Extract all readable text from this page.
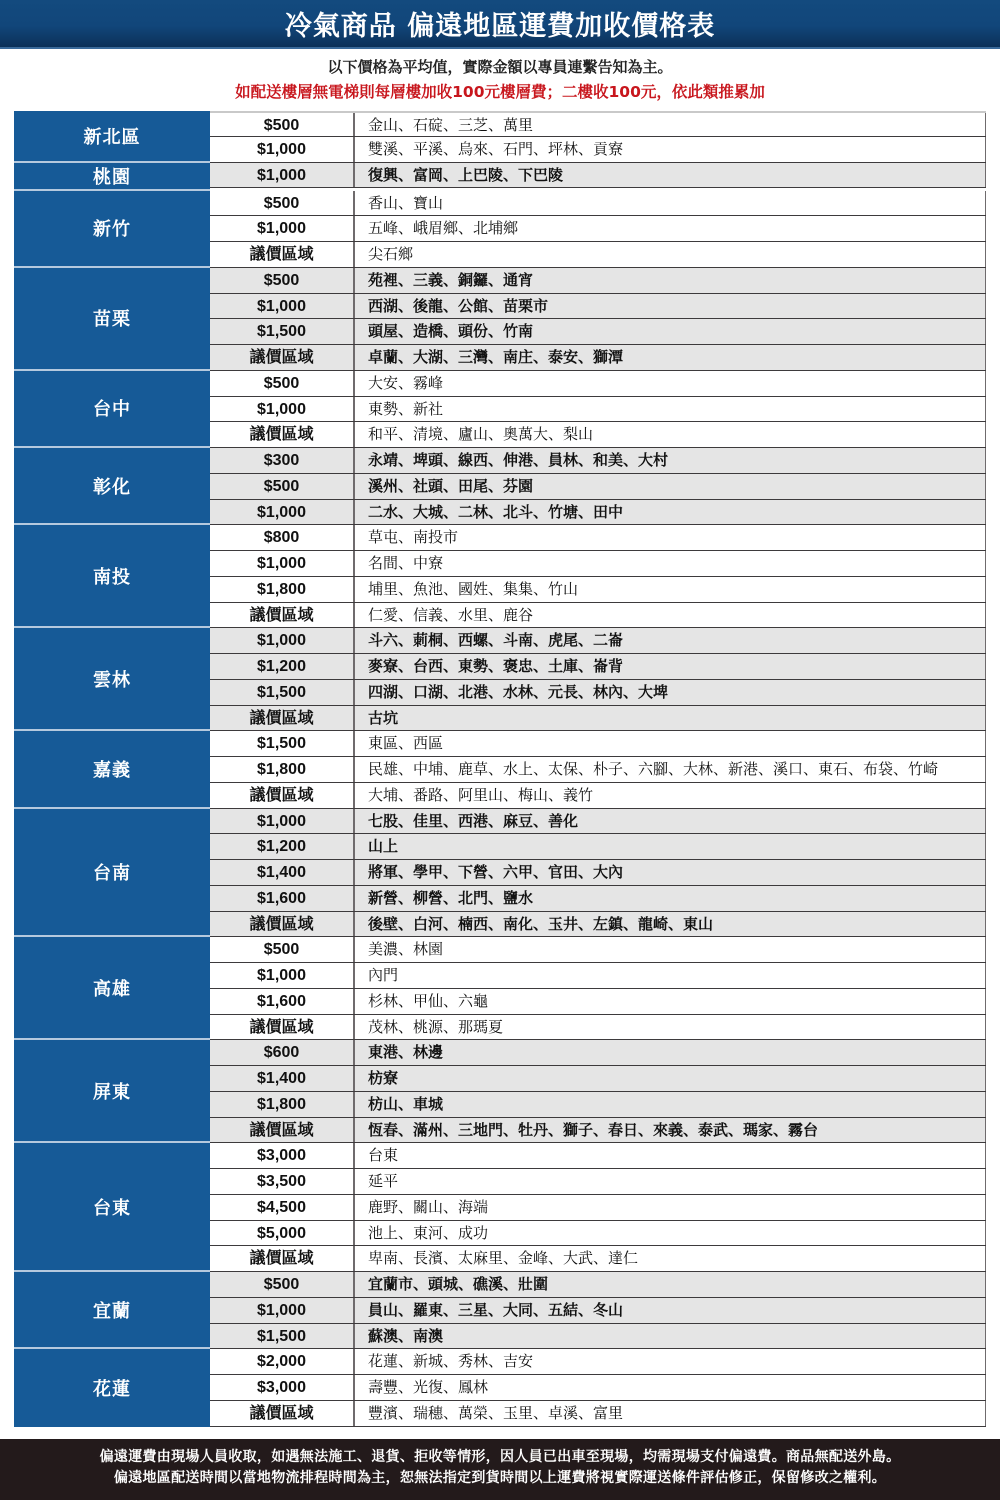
冷氣商品 偏遠地區運費加收價格表
以下價格為平均值，實際金額以專員連繫告知為主。
如配送樓層無電梯則每層樓加收100元樓層費；二樓收100元，依此類推累加
新北區
$500	金山、石碇、三芝、萬里
$1,000	雙溪、平溪、烏來、石門、坪林、貢寮
桃園	$1,000	復興、富岡、上巴陵、下巴陵
新竹
$500	香山、寶山
$1,000	五峰、峨眉鄉、北埔鄉
議價區域	尖石鄉
苗栗
$500	苑裡、三義、銅鑼、通宵
$1,000	西湖、後龍、公館、苗栗市
$1,500	頭屋、造橋、頭份、竹南
議價區域	卓蘭、大湖、三灣、南庄、泰安、獅潭
台中
$500	大安、霧峰
$1,000	東勢、新社
議價區域	和平、清境、廬山、奧萬大、梨山
彰化
$300	永靖、埤頭、線西、伸港、員林、和美、大村
$500	溪州、社頭、田尾、芬園
$1,000	二水、大城、二林、北斗、竹塘、田中
南投
$800	草屯、南投市
$1,000	名間、中寮
$1,800	埔里、魚池、國姓、集集、竹山
議價區域	仁愛、信義、水里、鹿谷
雲林
$1,000	斗六、莿桐、西螺、斗南、虎尾、二崙
$1,200	麥寮、台西、東勢、褒忠、土庫、崙背
$1,500	四湖、口湖、北港、水林、元長、林內、大埤
議價區域	古坑
嘉義
$1,500	東區、西區
$1,800	民雄、中埔、鹿草、水上、太保、朴子、六腳、大林、新港、溪口、東石、布袋、竹崎
議價區域	大埔、番路、阿里山、梅山、義竹
台南
$1,000	七股、佳里、西港、麻豆、善化
$1,200	山上
$1,400	將軍、學甲、下營、六甲、官田、大內
$1,600	新營、柳營、北門、鹽水
議價區域	後壁、白河、楠西、南化、玉井、左鎮、龍崎、東山
高雄
$500	美濃、林園
$1,000	內門
$1,600	杉林、甲仙、六龜
議價區域	茂林、桃源、那瑪夏
屏東
$600	東港、林邊
$1,400	枋寮
$1,800	枋山、車城
議價區域	恆春、滿州、三地門、牡丹、獅子、春日、來義、泰武、瑪家、霧台
台東
$3,000	台東
$3,500	延平
$4,500	鹿野、關山、海端
$5,000	池上、東河、成功
議價區域	卑南、長濱、太麻里、金峰、大武、達仁
宜蘭
$500	宜蘭市、頭城、礁溪、壯圍
$1,000	員山、羅東、三星、大同、五結、冬山
$1,500	蘇澳、南澳
花蓮
$2,000	花蓮、新城、秀林、吉安
$3,000	壽豐、光復、鳳林
議價區域	豐濱、瑞穗、萬榮、玉里、卓溪、富里

偏遠運費由現場人員收取，如遇無法施工、退貨、拒收等情形，因人員已出車至現場，均需現場支付偏遠費。商品無配送外島。

偏遠地區配送時間以當地物流排程時間為主，恕無法指定到貨時間以上運費將視實際運送條件評估修正，保留修改之權利。
